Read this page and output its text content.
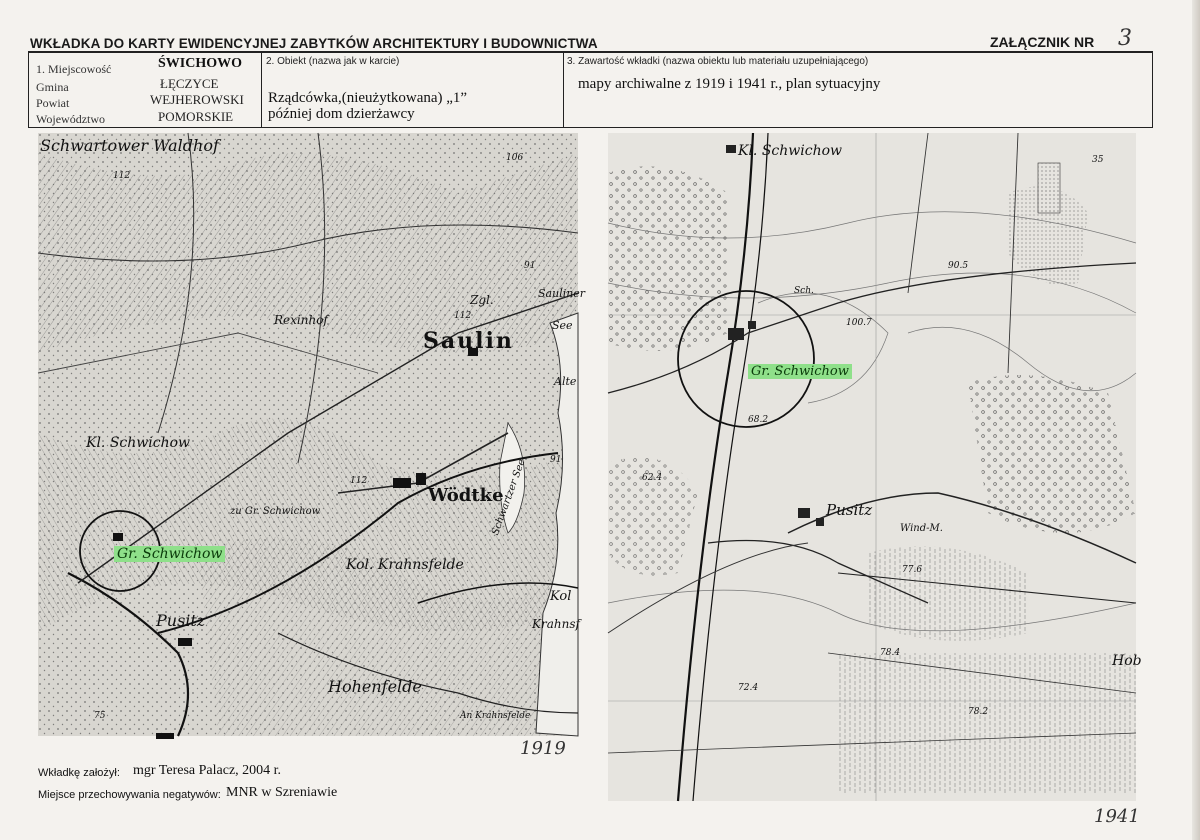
WKŁADKA DO KARTY EWIDENCYJNEJ ZABYTKÓW ARCHITEKTURY I BUDOWNICTWA	ZAŁĄCZNIK NR 3
1. Miejscowość	ŚWICHOWO
Gmina	ŁĘCZYCE
Powiat	WEJHEROWSKI
Województwo	POMORSKIE
2. Obiekt (nazwa jak w karcie)
Rządcówka,(nieużytkowana) „1”
później dom dzierżawcy
3. Zawartość wkładki (nazwa obiektu lub materiału uzupełniającego)
mapy archiwalne z 1919 i 1941 r., plan sytuacyjny
Schwartower Waldhof
Rexinhof
Saulin
Zgl.	Sauliner
See
Alte
Kl. Schwichow
Wödtke
zu Gr. Schwichow
Gr. Schwichow
Kol. Krahnsfelde
Pusitz
Hohenfelde
Krahnsf
Kol
An Krahnsfelde
Schwartzer See
112
112
112
106
91
91
75
1919
Kl. Schwichow
Gr. Schwichow
Pusitz
Wind-M.
Hob
35
90.5
100.7
68.2
77.6
78.4
78.2
72.4
62.4
Sch.
1941
Wkładkę założył: mgr Teresa Palacz, 2004 r.
Miejsce przechowywania negatywów: MNR w Szreniawie
